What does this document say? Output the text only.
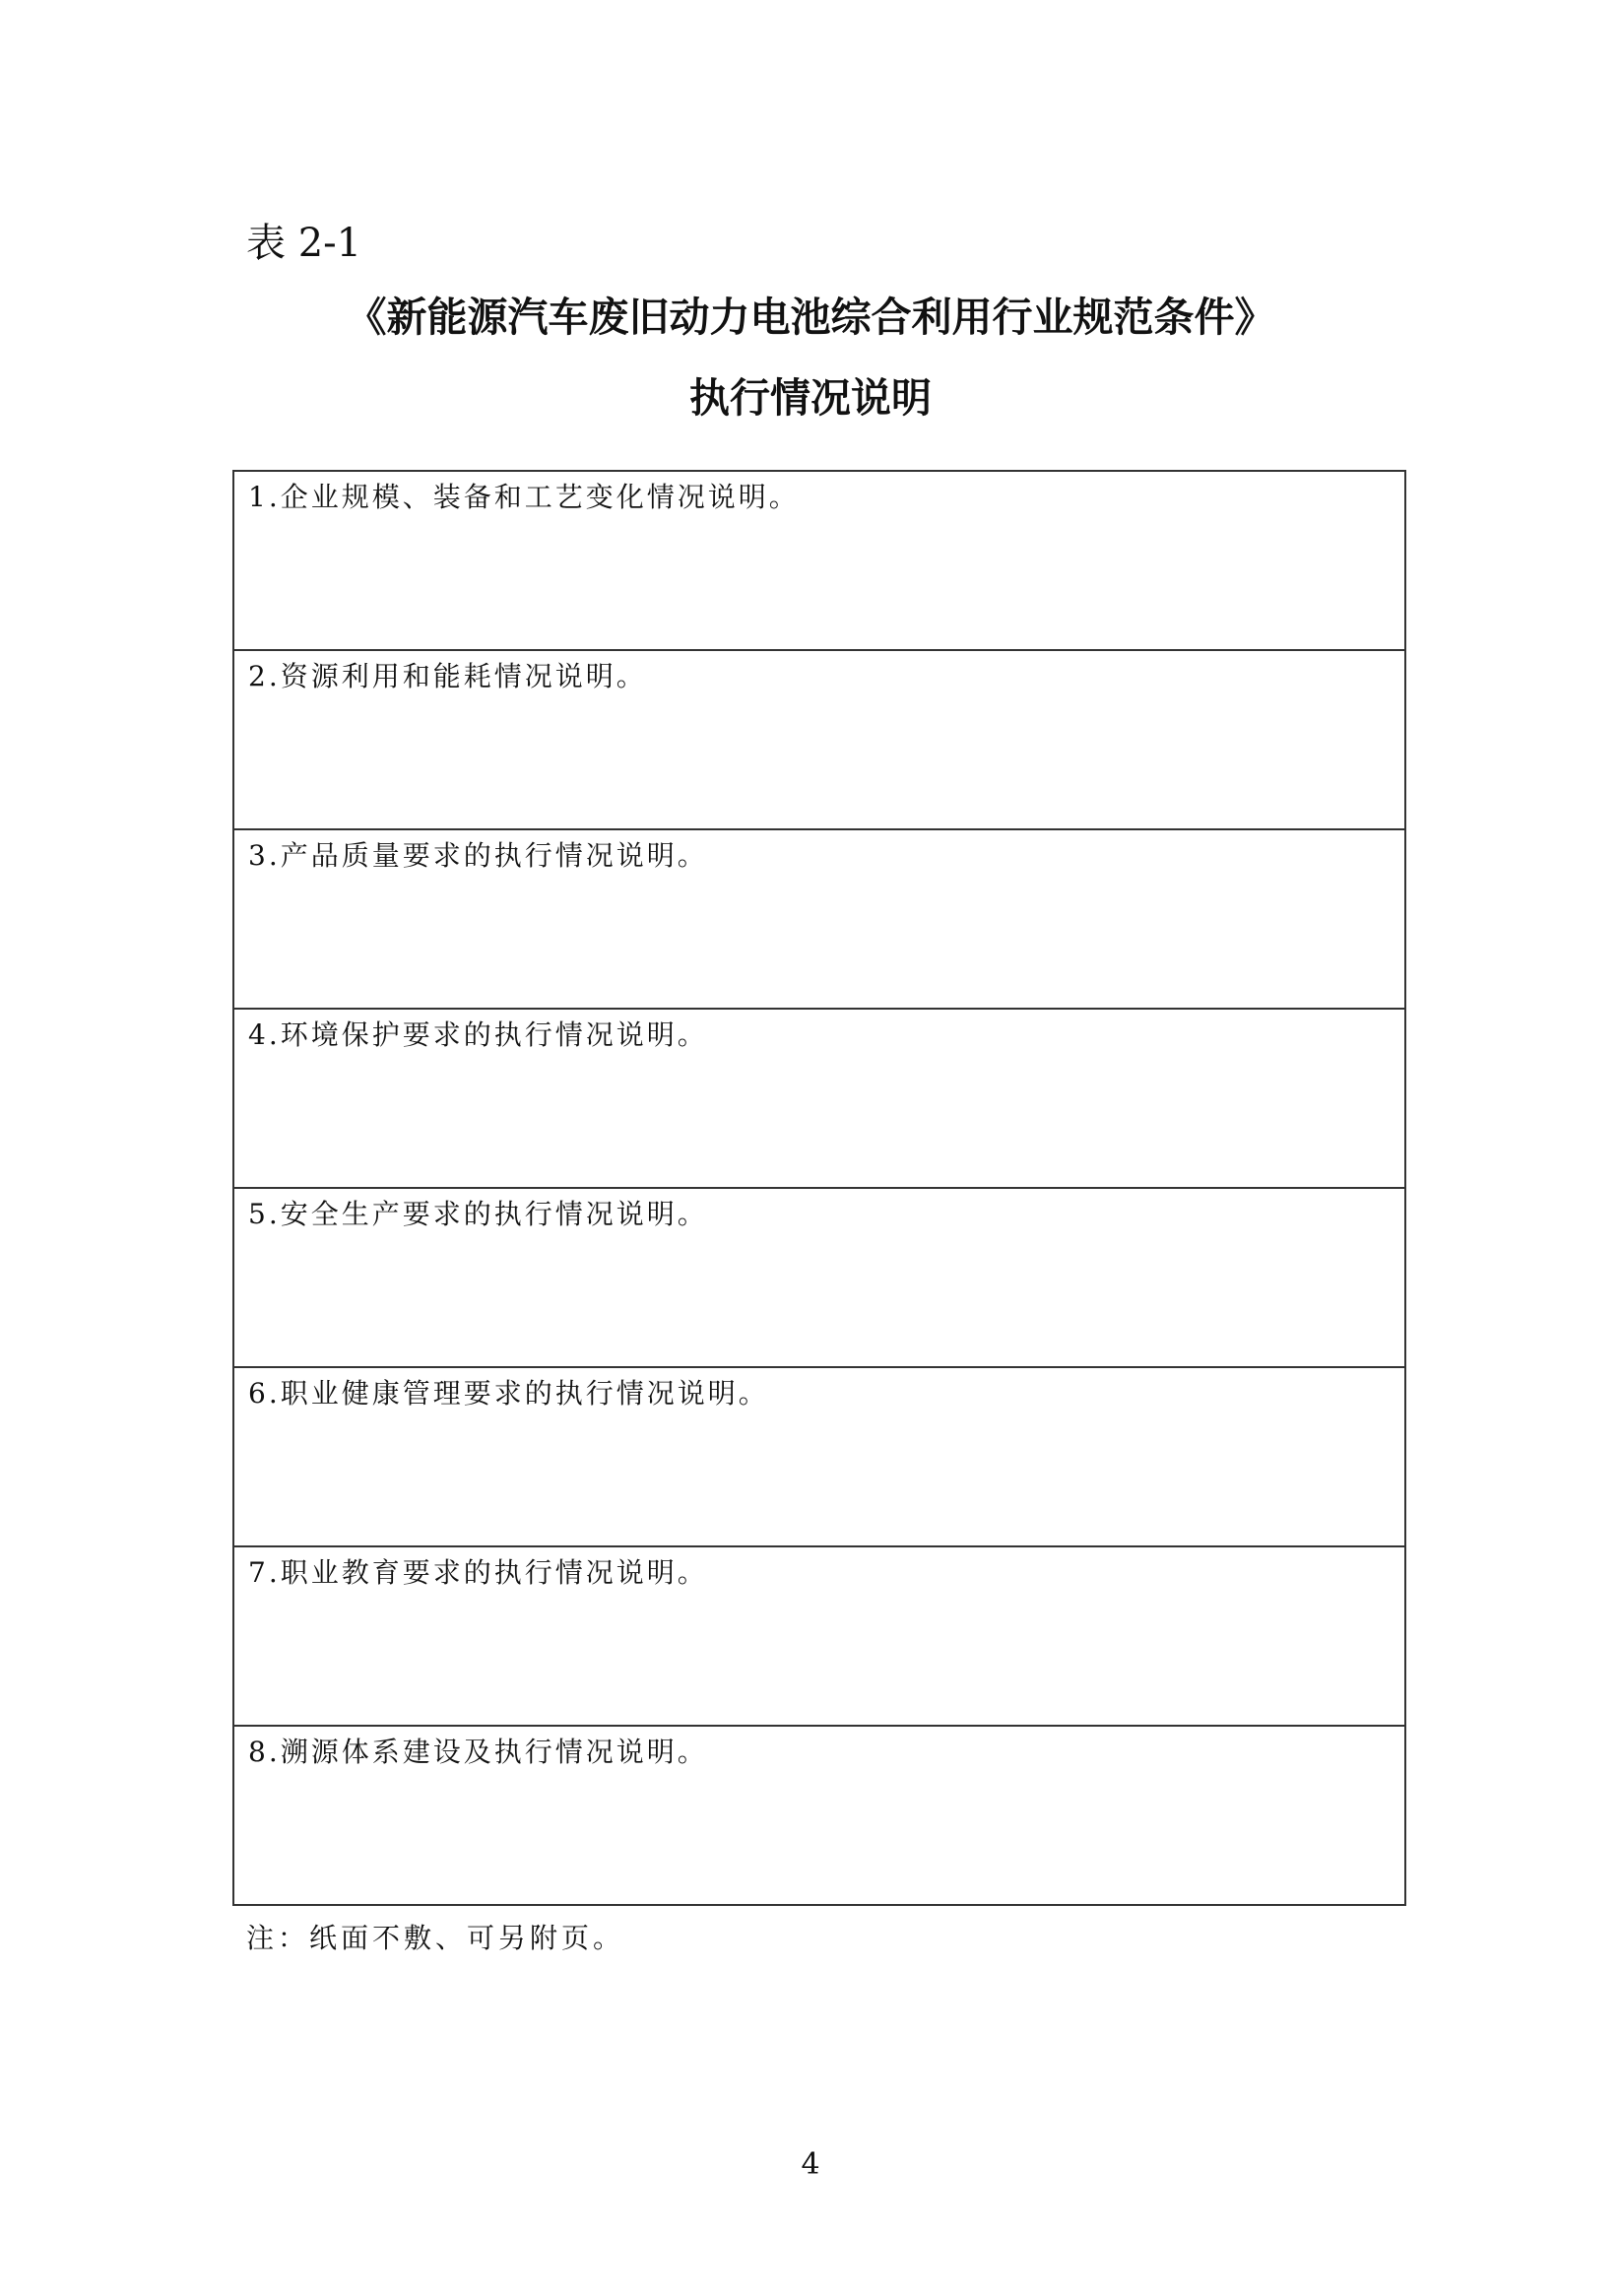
表 2-1
《新能源汽车废旧动力电池综合利用行业规范条件》
执行情况说明
1.企业规模、装备和工艺变化情况说明。

2.资源利用和能耗情况说明。

3.产品质量要求的执行情况说明。

4.环境保护要求的执行情况说明。

5.安全生产要求的执行情况说明。

6.职业健康管理要求的执行情况说明。

7.职业教育要求的执行情况说明。

8.溯源体系建设及执行情况说明。
注：纸面不敷、可另附页。
4
